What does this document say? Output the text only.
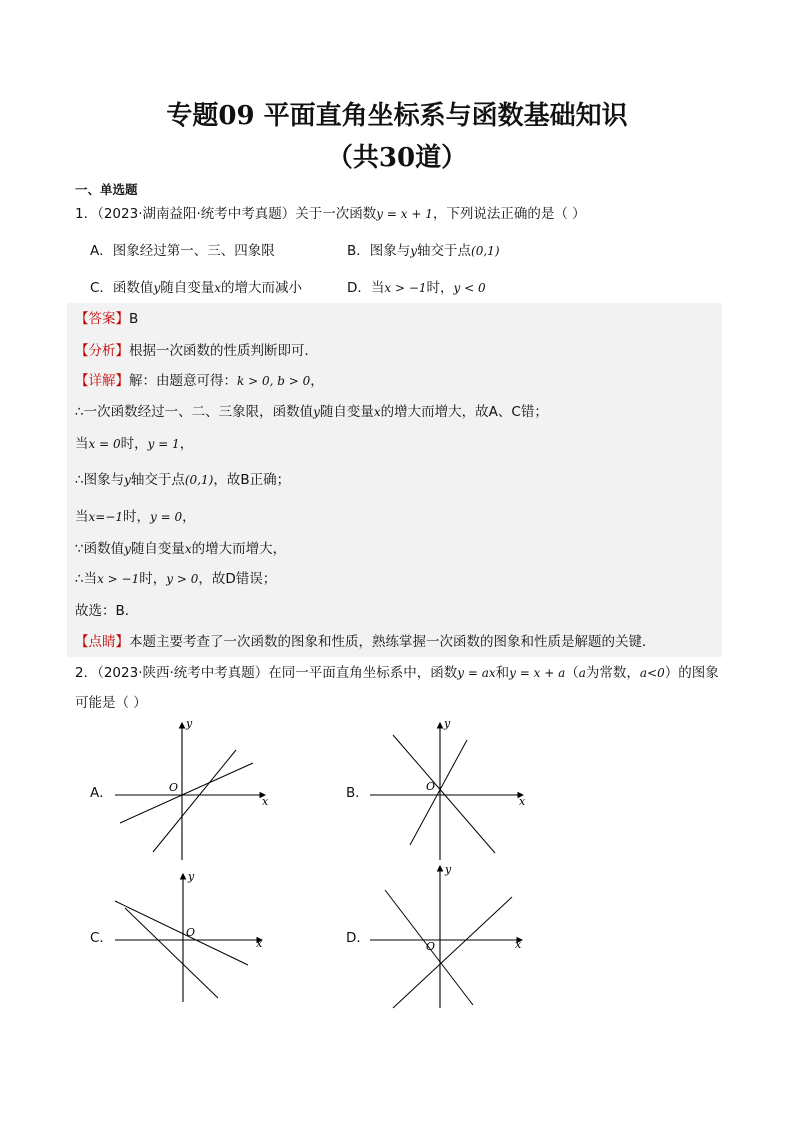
专题09 平面直角坐标系与函数基础知识
（共30道）
一、单选题
1．（2023·湖南益阳·统考中考真题）关于一次函数y = x + 1，下列说法正确的是（ ）
A．图象经过第一、三、四象限	B．图象与y轴交于点(0,1)
C．函数值y随自变量x的增大而减小	D．当x > −1时，y < 0
【答案】B
【分析】根据一次函数的性质判断即可．
【详解】解：由题意可得：k > 0, b > 0，
∴一次函数经过一、二、三象限，函数值y随自变量x的增大而增大，故A、C错；
当x = 0时，y = 1，
∴图象与y轴交于点(0,1)，故B正确；
当x=−1时，y = 0，
∵函数值y随自变量x的增大而增大，
∴当x > −1时，y > 0，故D错误；
故选：B．
【点睛】本题主要考查了一次函数的图象和性质，熟练掌握一次函数的图象和性质是解题的关键．
2．（2023·陕西·统考中考真题）在同一平面直角坐标系中，函数y = ax和y = x + a（a为常数，a<0）的图象
可能是（ ）
A．	B．
C．	D．
y
x
O
y
x
O
y
x
O
y
x
O
